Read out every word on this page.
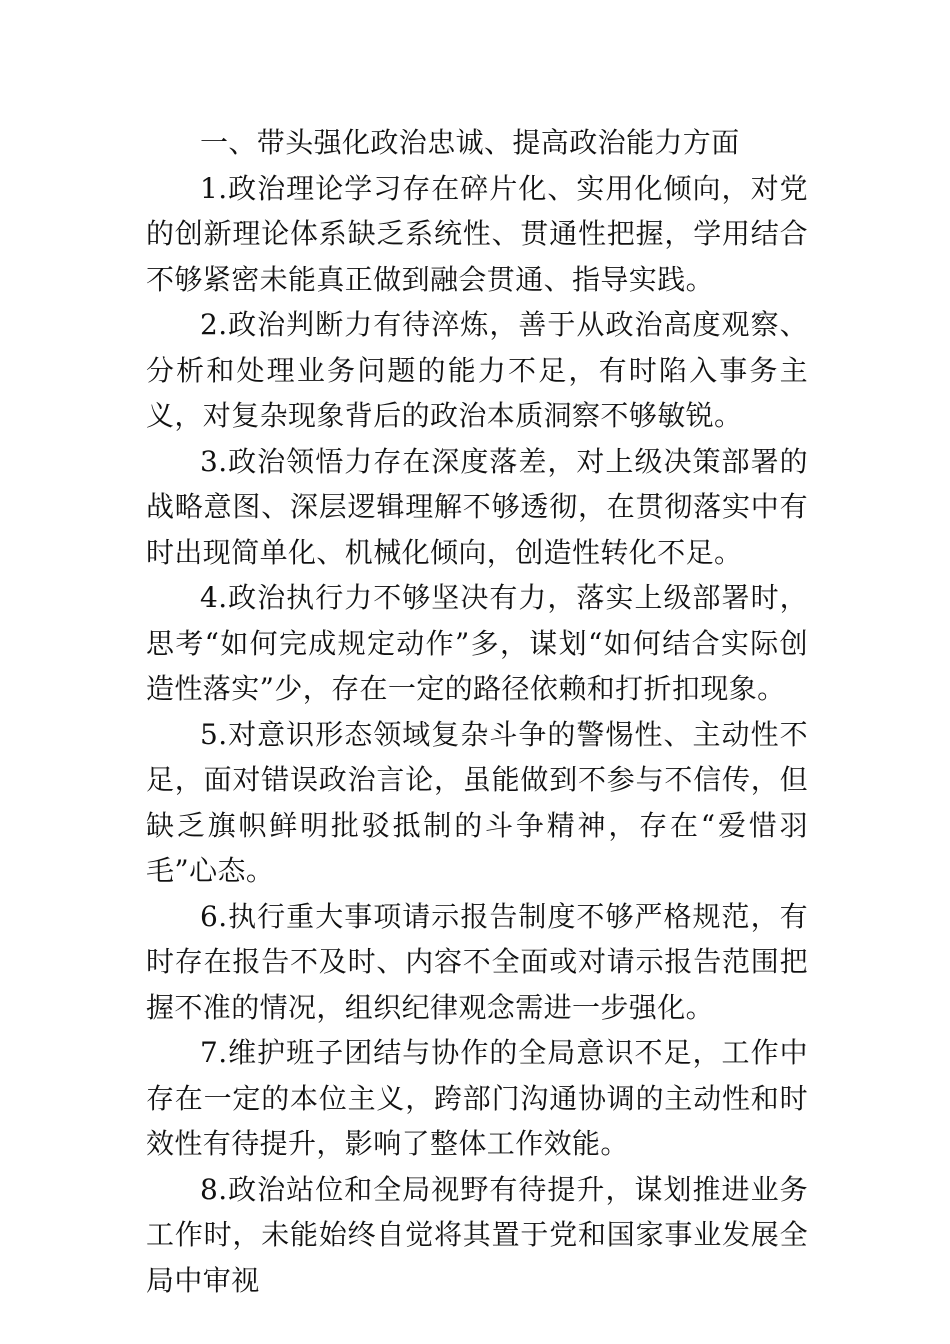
一、带头强化政治忠诚、提高政治能力方面

1.政治理论学习存在碎片化、实用化倾向，对党的创新理论体系缺乏系统性、贯通性把握，学用结合不够紧密未能真正做到融会贯通、指导实践。

2.政治判断力有待淬炼，善于从政治高度观察、分析和处理业务问题的能力不足，有时陷入事务主义，对复杂现象背后的政治本质洞察不够敏锐。

3.政治领悟力存在深度落差，对上级决策部署的战略意图、深层逻辑理解不够透彻，在贯彻落实中有时出现简单化、机械化倾向，创造性转化不足。

4.政治执行力不够坚决有力，落实上级部署时，思考“如何完成规定动作”多，谋划“如何结合实际创造性落实”少，存在一定的路径依赖和打折扣现象。

5.对意识形态领域复杂斗争的警惕性、主动性不足，面对错误政治言论，虽能做到不参与不信传，但缺乏旗帜鲜明批驳抵制的斗争精神，存在“爱惜羽毛”心态。

6.执行重大事项请示报告制度不够严格规范，有时存在报告不及时、内容不全面或对请示报告范围把握不准的情况，组织纪律观念需进一步强化。

7.维护班子团结与协作的全局意识不足，工作中存在一定的本位主义，跨部门沟通协调的主动性和时效性有待提升，影响了整体工作效能。

8.政治站位和全局视野有待提升，谋划推进业务工作时，未能始终自觉将其置于党和国家事业发展全局中审视
